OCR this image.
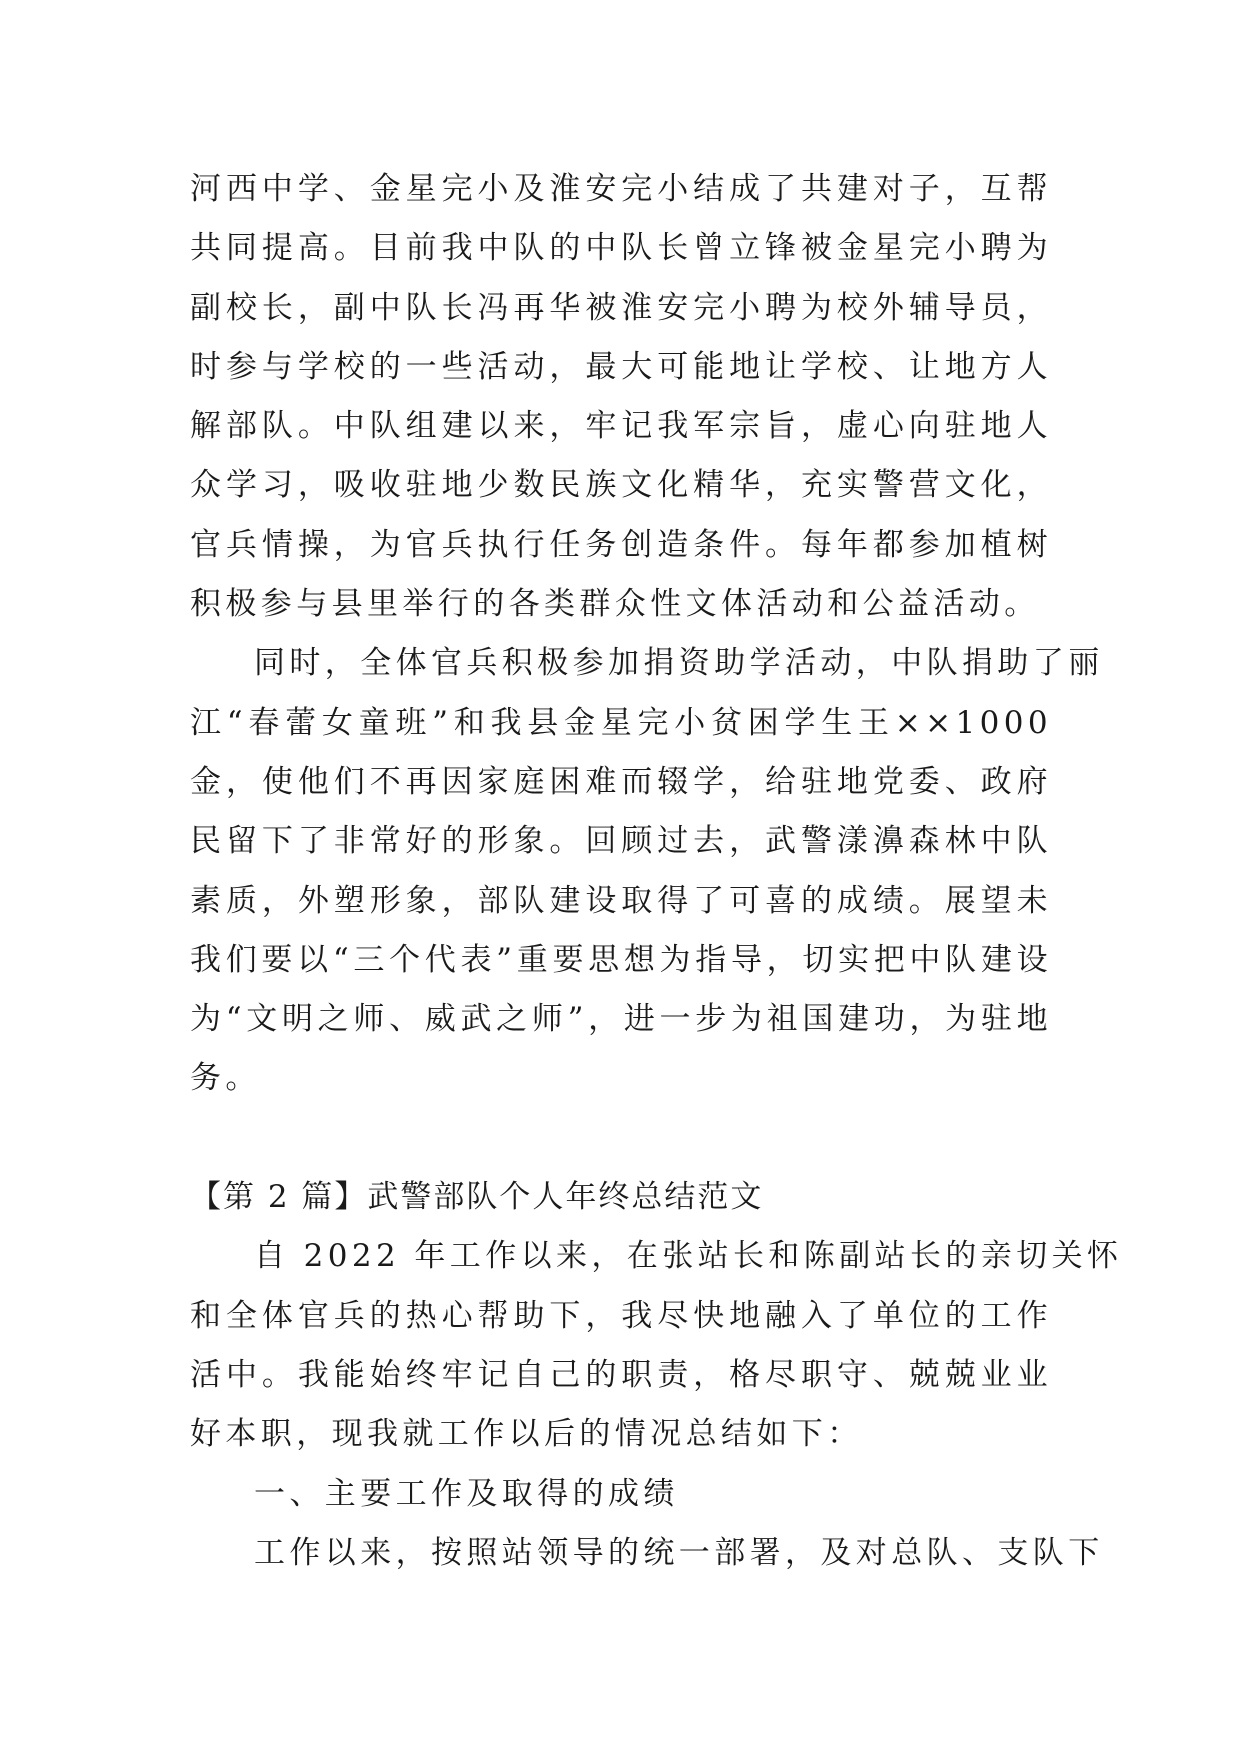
河西中学、金星完小及淮安完小结成了共建对子，互帮
共同提高。目前我中队的中队长曾立锋被金星完小聘为
副校长，副中队长冯再华被淮安完小聘为校外辅导员，
时参与学校的一些活动，最大可能地让学校、让地方人
解部队。中队组建以来，牢记我军宗旨，虚心向驻地人
众学习，吸收驻地少数民族文化精华，充实警营文化，
官兵情操，为官兵执行任务创造条件。每年都参加植树
积极参与县里举行的各类群众性文体活动和公益活动。
同时，全体官兵积极参加捐资助学活动，中队捐助了丽
江“春蕾女童班”和我县金星完小贫困学生王××1000
金，使他们不再因家庭困难而辍学，给驻地党委、政府
民留下了非常好的形象。回顾过去，武警漾濞森林中队
素质，外塑形象，部队建设取得了可喜的成绩。展望未
我们要以“三个代表”重要思想为指导，切实把中队建设
为“文明之师、威武之师”，进一步为祖国建功，为驻地
务。
【第 2 篇】武警部队个人年终总结范文
自 2022 年工作以来，在张站长和陈副站长的亲切关怀
和全体官兵的热心帮助下，我尽快地融入了单位的工作
活中。我能始终牢记自己的职责，格尽职守、兢兢业业
好本职，现我就工作以后的情况总结如下：
一、主要工作及取得的成绩
工作以来，按照站领导的统一部署，及对总队、支队下
